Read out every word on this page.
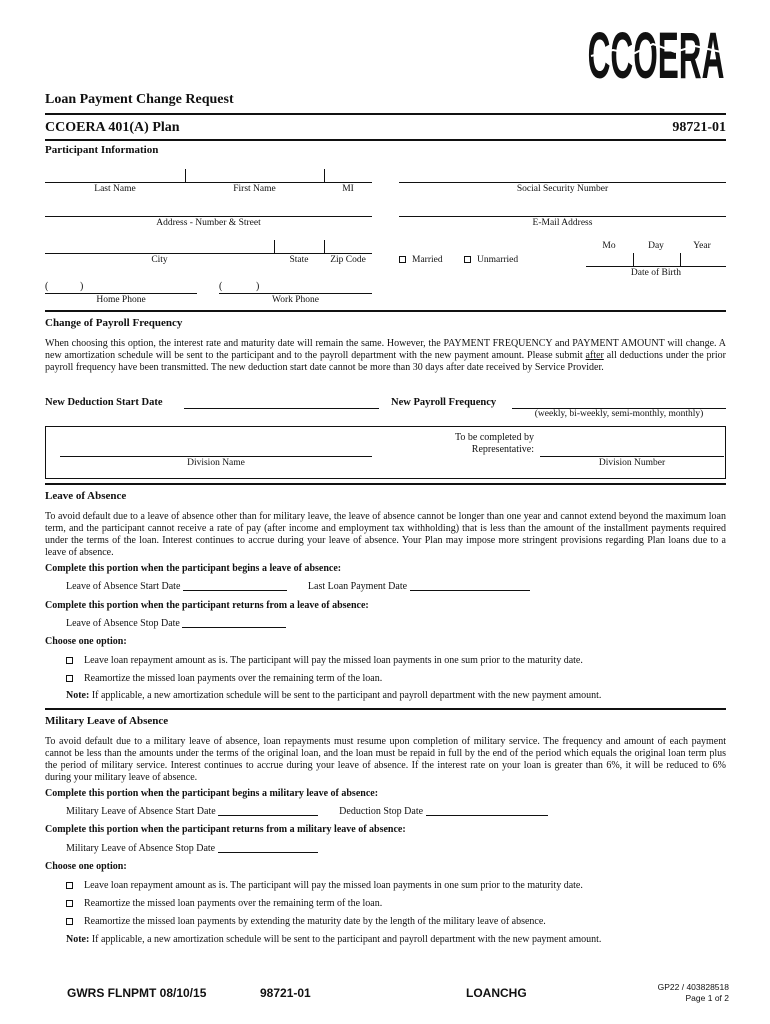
CCOERA
Loan Payment Change Request
CCOERA 401(A) Plan	98721-01
Participant Information
Last Name	First Name	MI	Social Security Number
Address - Number & Street	E-Mail Address
City	State	Zip Code	Married	Unmarried
Mo	Day	Year
Date of Birth
(	)
Home Phone
(	)
Work Phone
Change of Payroll Frequency
When choosing this option, the interest rate and maturity date will remain the same. However, the PAYMENT FREQUENCY and PAYMENT AMOUNT will change. A new amortization schedule will be sent to the participant and to the payroll department with the new payment amount. Please submit after all deductions under the prior payroll frequency have been transmitted. The new deduction start date cannot be more than 30 days after date received by Service Provider.
New Deduction Start Date	New Payroll Frequency
(weekly, bi-weekly, semi-monthly, monthly)
To be completed by
Representative:
Division Name	Division Number
Leave of Absence
To avoid default due to a leave of absence other than for military leave, the leave of absence cannot be longer than one year and cannot extend beyond the maximum loan term, and the participant cannot receive a rate of pay (after income and employment tax withholding) that is less than the amount of the installment payments required under the terms of the loan. Interest continues to accrue during your leave of absence. Your Plan may impose more stringent provisions regarding Plan loans due to a leave of absence.
Complete this portion when the participant begins a leave of absence:
Leave of Absence Start Date	Last Loan Payment Date
Complete this portion when the participant returns from a leave of absence:
Leave of Absence Stop Date
Choose one option:
Leave loan repayment amount as is. The participant will pay the missed loan payments in one sum prior to the maturity date.
Reamortize the missed loan payments over the remaining term of the loan.
Note: If applicable, a new amortization schedule will be sent to the participant and payroll department with the new payment amount.
Military Leave of Absence
To avoid default due to a military leave of absence, loan repayments must resume upon completion of military service. The frequency and amount of each payment cannot be less than the amounts under the terms of the original loan, and the loan must be repaid in full by the end of the period which equals the original loan term plus the period of military service. Interest continues to accrue during your leave of absence. If the interest rate on your loan is greater than 6%, it will be reduced to 6% during your military leave of absence.
Complete this portion when the participant begins a military leave of absence:
Military Leave of Absence Start Date	Deduction Stop Date
Complete this portion when the participant returns from a military leave of absence:
Military Leave of Absence Stop Date
Choose one option:
Leave loan repayment amount as is. The participant will pay the missed loan payments in one sum prior to the maturity date.
Reamortize the missed loan payments over the remaining term of the loan.
Reamortize the missed loan payments by extending the maturity date by the length of the military leave of absence.
Note: If applicable, a new amortization schedule will be sent to the participant and payroll department with the new payment amount.
GWRS FLNPMT 08/10/15	98721-01	LOANCHG	GP22 / 403828518
Page 1 of 2
